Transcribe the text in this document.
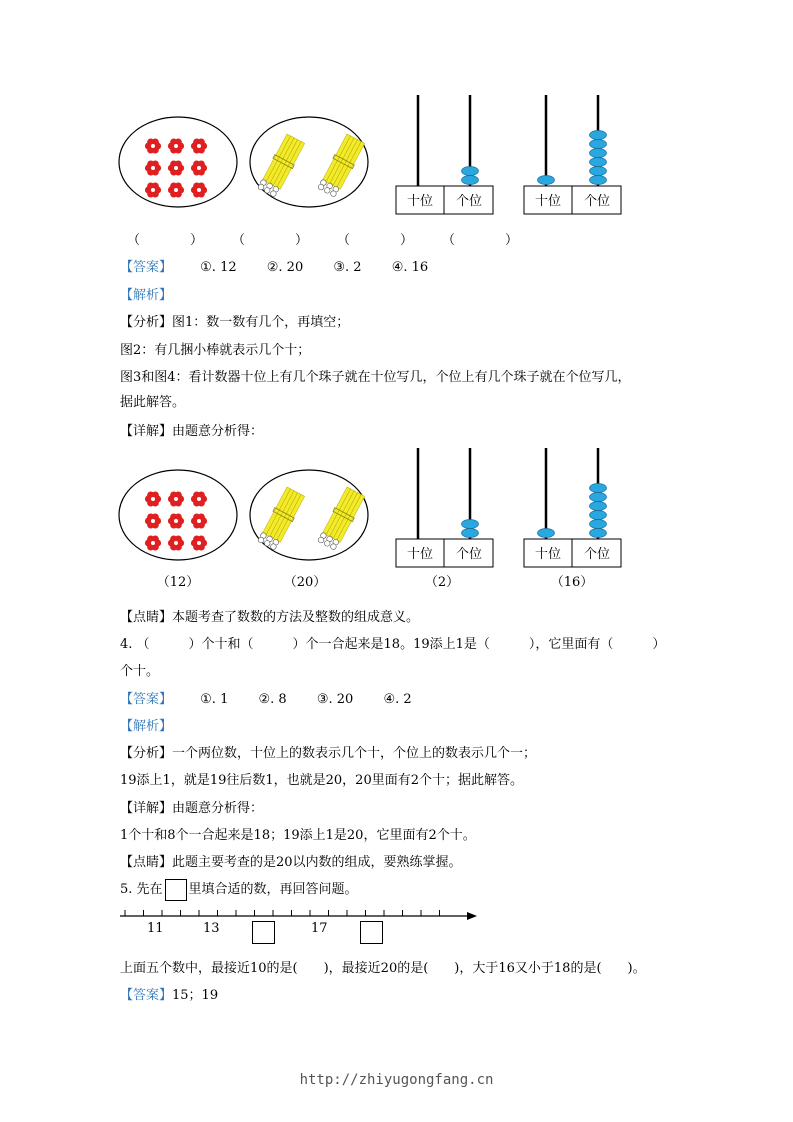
十位 个位	十位 个位
（	） （	） （	） （	）
【答案】 ①. 12 ②. 20 ③. 2 ④. 16
【解析】
【分析】图1：数一数有几个，再填空；
图2：有几捆小棒就表示几个十；
图3和图4：看计数器十位上有几个珠子就在十位写几，个位上有几个珠子就在个位写几，
据此解答。
【详解】由题意分析得：
十位 个位	十位 个位
（12）	（20）	（2）	（16）
【点睛】本题考查了数数的方法及整数的组成意义。
4. （　　　）个十和（　　　）个一合起来是18。19添上1是（　　　），它里面有（　　　）
个十。
【答案】 ①. 1 ②. 8 ③. 20 ④. 2
【解析】
【分析】一个两位数，十位上的数表示几个十，个位上的数表示几个一；
19添上1，就是19往后数1，也就是20，20里面有2个十；据此解答。
【详解】由题意分析得：
1个十和8个一合起来是18；19添上1是20，它里面有2个十。
【点睛】此题主要考查的是20以内数的组成，要熟练掌握。
5. 先在 里填合适的数，再回答问题。
11	13	17
上面五个数中，最接近10的是(　　)，最接近20的是(　　)，大于16又小于18的是(　　)。
【答案】15；19
http://zhiyugongfang.cn
